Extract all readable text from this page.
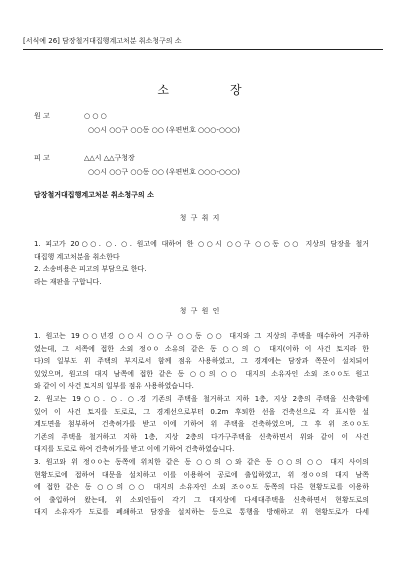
[서식예 26] 담장철거대집행계고처분 취소청구의 소
소	장
원 고	○ ○ ○
○○시 ○○구 ○○동 ○○ (우편번호 ○○○-○○○)
피 고	△△시 △△구청장
○○시 ○○구 ○○동 ○○ (우편번호 ○○○-○○○)
담장철거대집행계고처분 취소청구의 소
청 구 취 지

1. 피고가 20○○. ○. ○. 원고에 대하여 한 ○○시 ○○구 ○○동 ○○ 지상의 담장을 철거

대집행 계고처분을 취소한다

2. 소송비용은 피고의 부담으로 한다.

라는 재판을 구합니다.

청 구 원 인

1. 원고는 19○○년경 ○○시 ○○구 ○○동 ○○ 대지와 그 지상의 주택을 매수하여 거주하

였는데, 그 서쪽에 접한 소외 정ㅇㅇ 소유의 같은 동 ○○의 ○ 대지(이하 이 사건 토지라 한

다)의 일부도 위 주택의 부지로서 함께 점유 사용하였고, 그 경계에는 담장과 쪽문이 설치되어

있었으며, 원고의 대지 남쪽에 접한 같은 동 ○○의 ○○ 대지의 소유자인 소외 조ㅇㅇ도 원고

와 같이 이 사건 토지의 일부를 점유 사용하였습니다.

2. 원고는 19○○. ○. ○.경 기존의 주택을 철거하고 지하 1층, 지상 2층의 주택을 신축함에

있어 이 사건 토지를 도로로, 그 경계선으로부터 0.2m 후퇴한 선을 건축선으로 각 표시한 설

계도면을 첨부하여 건축허가를 받고 이에 기하여 위 주택을 건축하였으며, 그 후 위 조ㅇㅇ도

기존의 주택을 철거하고 지하 1층, 지상 2층의 다가구주택을 신축하면서 위와 같이 이 사건

대지를 도로로 하여 건축허가를 받고 이에 기하여 건축하였습니다.

3. 원고와 위 정ㅇㅇ는 동쪽에 위치한 같은 동 ○○의 ○와 같은 동 ○○의 ○○ 대지 사이의

현황도로에 접하여 대문을 설치하고 이를 이용하여 공로에 출입하였고, 위 정ㅇㅇ의 대지 남쪽

에 접한 같은 동 ○○의 ○○ 대지의 소유자인 소외 조ㅇㅇ도 동쪽의 다른 현황도로를 이용하

여 출입하여 왔는데, 위 소외인들이 각기 그 대지상에 다세대주택을 신축하면서 현황도로의

대지 소유자가 도로를 폐쇄하고 담장을 설치하는 등으로 통행을 방해하고 위 현황도로가 다세
